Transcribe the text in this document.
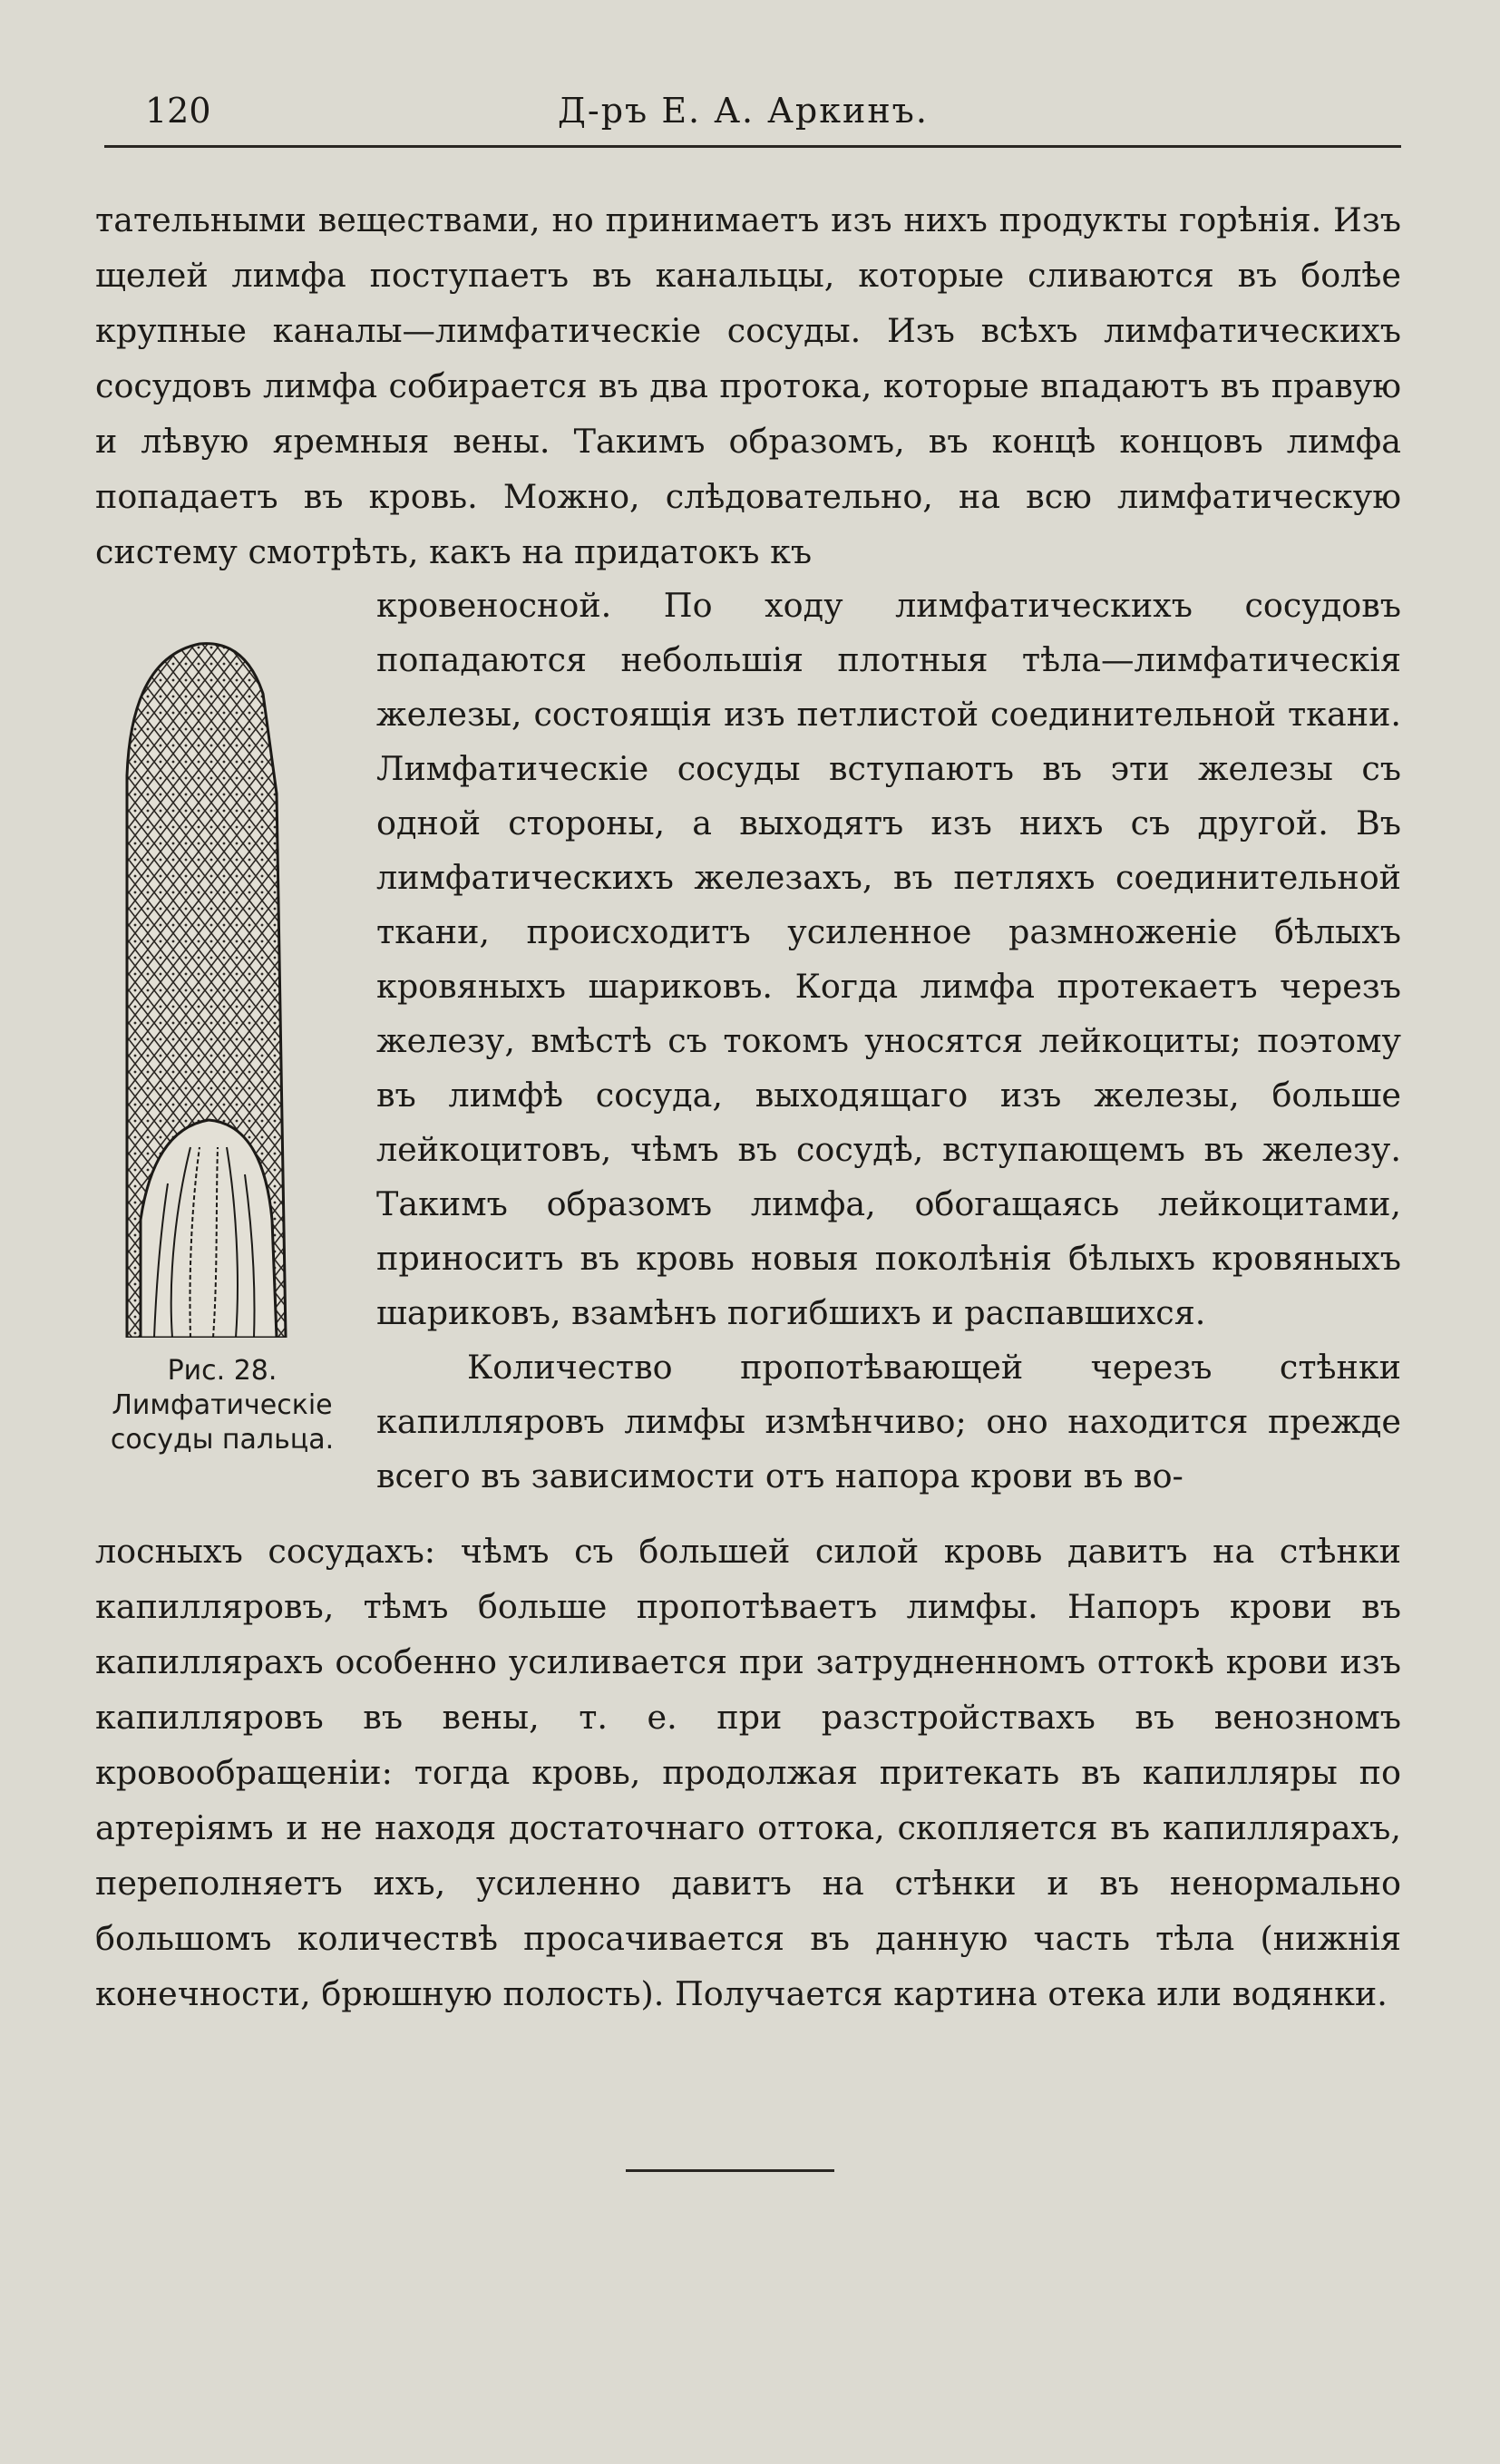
120	Д-ръ Е. А. Аркинъ.

тательными веществами, но принимаетъ изъ нихъ продукты горѣнія. Изъ щелей лимфа поступаетъ въ канальцы, которые сливаются въ болѣе крупные каналы—лимфатическіе сосуды. Изъ всѣхъ лимфатическихъ сосудовъ лимфа собирается въ два протока, которые впадаютъ въ правую и лѣвую яремныя вены. Такимъ образомъ, въ концѣ концовъ лимфа попадаетъ въ кровь. Можно, слѣдовательно, на всю лимфатическую систему смотрѣть, какъ на придатокъ къ

Рис. 28.
Лимфатическіе
сосуды пальца.

кровеносной. По ходу лимфатическихъ сосудовъ попадаются небольшія плотныя тѣла—лимфатическія железы, состоящія изъ петлистой соединительной ткани. Лимфатическіе сосуды вступаютъ въ эти железы съ одной стороны, а выходятъ изъ нихъ съ другой. Въ лимфатическихъ железахъ, въ петляхъ соединительной ткани, происходитъ усиленное размноженіе бѣлыхъ кровяныхъ шариковъ. Когда лимфа протекаетъ черезъ железу, вмѣстѣ съ токомъ уносятся лейкоциты; поэтому въ лимфѣ сосуда, выходящаго изъ железы, больше лейкоцитовъ, чѣмъ въ сосудѣ, вступающемъ въ железу. Такимъ образомъ лимфа, обогащаясь лейкоцитами, приноситъ въ кровь новыя поколѣнія бѣлыхъ кровяныхъ шариковъ, взамѣнъ погибшихъ и распавшихся.

Количество пропотѣвающей черезъ стѣнки капилляровъ лимфы измѣнчиво; оно находится прежде всего въ зависимости отъ напора крови въ во-

лосныхъ сосудахъ: чѣмъ съ большей силой кровь давитъ на стѣнки капилляровъ, тѣмъ больше пропотѣваетъ лимфы. Напоръ крови въ капиллярахъ особенно усиливается при затрудненномъ оттокѣ крови изъ капилляровъ въ вены, т. е. при разстройствахъ въ венозномъ кровообращеніи: тогда кровь, продолжая притекать въ капилляры по артеріямъ и не находя достаточнаго оттока, скопляется въ капиллярахъ, переполняетъ ихъ, усиленно давитъ на стѣнки и въ ненормально большомъ количествѣ просачивается въ данную часть тѣла (нижнія конечности, брюшную полость). Получается картина отека или водянки.
